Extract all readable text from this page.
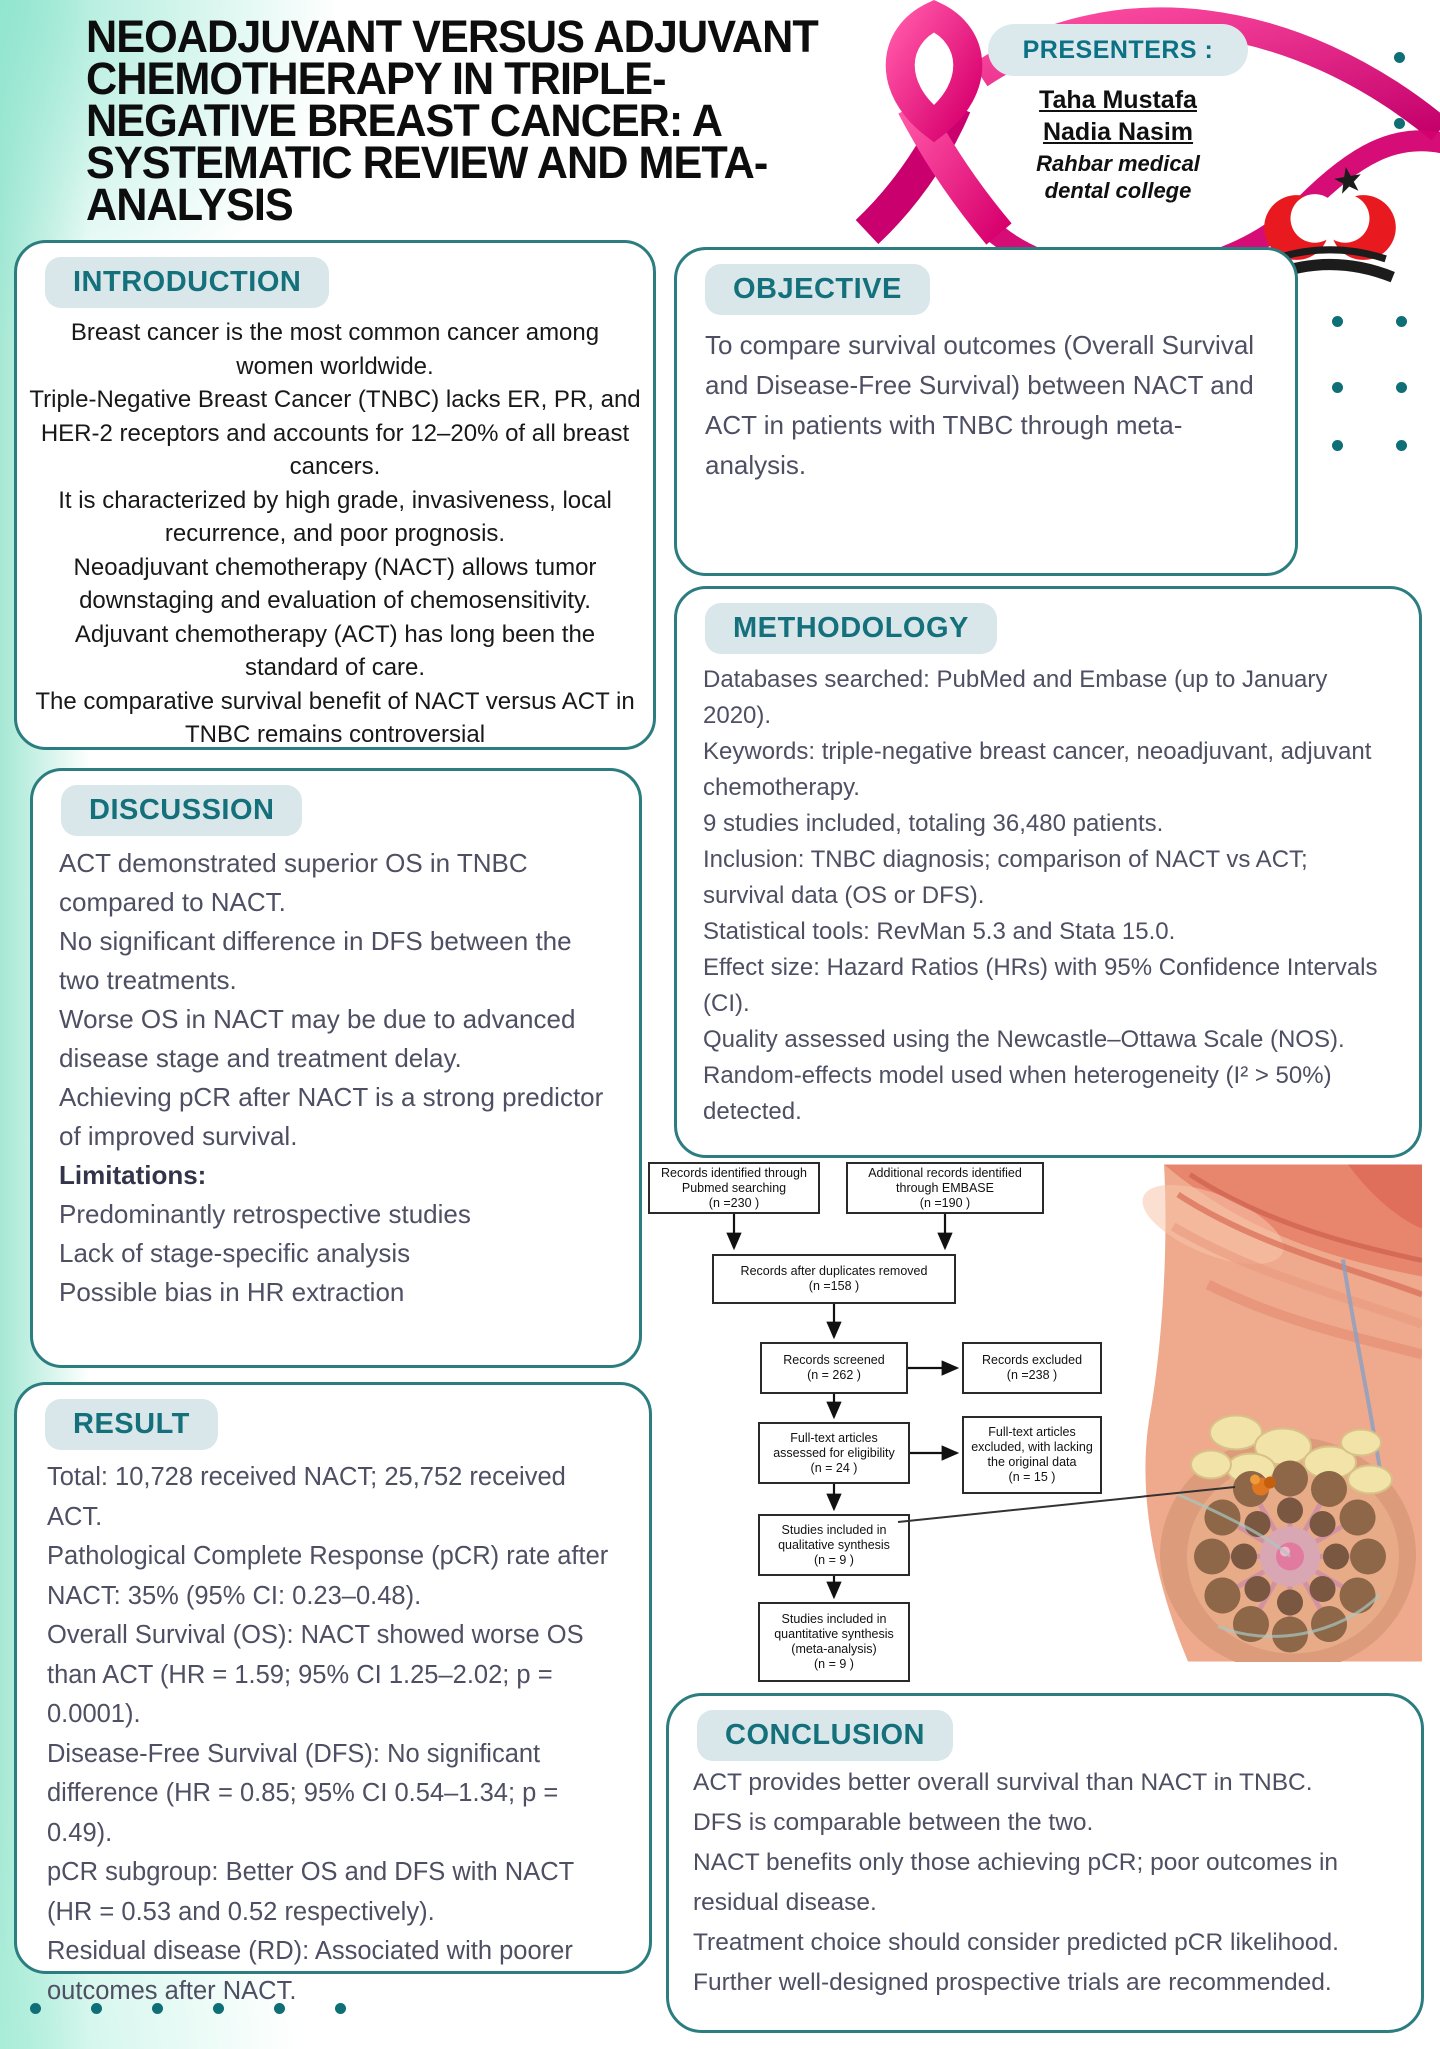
NEOADJUVANT VERSUS ADJUVANT
CHEMOTHERAPY IN TRIPLE-
NEGATIVE BREAST CANCER: A
SYSTEMATIC REVIEW AND META-
ANALYSIS
PRESENTERS :
Taha Mustafa
Nadia Nasim
Rahbar medical
dental college
INTRODUCTION
Breast cancer is the most common cancer among women worldwide.
Triple-Negative Breast Cancer (TNBC) lacks ER, PR, and HER-2 receptors and accounts for 12–20% of all breast cancers.
It is characterized by high grade, invasiveness, local recurrence, and poor prognosis.
Neoadjuvant chemotherapy (NACT) allows tumor downstaging and evaluation of chemosensitivity.
Adjuvant chemotherapy (ACT) has long been the standard of care.
The comparative survival benefit of NACT versus ACT in TNBC remains controversial
OBJECTIVE
To compare survival outcomes (Overall Survival and Disease-Free Survival) between NACT and ACT in patients with TNBC through meta-analysis.
METHODOLOGY
Databases searched: PubMed and Embase (up to January 2020).
Keywords: triple-negative breast cancer, neoadjuvant, adjuvant chemotherapy.
9 studies included, totaling 36,480 patients.
Inclusion: TNBC diagnosis; comparison of NACT vs ACT; survival data (OS or DFS).
Statistical tools: RevMan 5.3 and Stata 15.0.
Effect size: Hazard Ratios (HRs) with 95% Confidence Intervals (CI).
Quality assessed using the Newcastle–Ottawa Scale (NOS).
Random-effects model used when heterogeneity (I² > 50%) detected.
DISCUSSION
ACT demonstrated superior OS in TNBC compared to NACT.
No significant difference in DFS between the two treatments.
Worse OS in NACT may be due to advanced disease stage and treatment delay.
Achieving pCR after NACT is a strong predictor of improved survival.
Limitations:
Predominantly retrospective studies
Lack of stage-specific analysis
Possible bias in HR extraction
RESULT
Total: 10,728 received NACT; 25,752 received ACT.
Pathological Complete Response (pCR) rate after NACT: 35% (95% CI: 0.23–0.48).
Overall Survival (OS): NACT showed worse OS than ACT (HR = 1.59; 95% CI 1.25–2.02; p = 0.0001).
Disease-Free Survival (DFS): No significant difference (HR = 0.85; 95% CI 0.54–1.34; p = 0.49).
pCR subgroup: Better OS and DFS with NACT (HR = 0.53 and 0.52 respectively).
Residual disease (RD): Associated with poorer outcomes after NACT.
CONCLUSION
ACT provides better overall survival than NACT in TNBC.
DFS is comparable between the two.
NACT benefits only those achieving pCR; poor outcomes in residual disease.
Treatment choice should consider predicted pCR likelihood.
Further well-designed prospective trials are recommended.
Records identified through
Pubmed searching
(n =230 )
Additional records identified
through EMBASE
(n =190 )
Records after duplicates removed
(n =158 )
Records screened
(n = 262 )
Records excluded
(n =238 )
Full-text articles
assessed for eligibility
(n = 24 )
Full-text articles
excluded, with lacking
the original data
(n = 15 )
Studies included in
qualitative synthesis
(n = 9 )
Studies included in
quantitative synthesis
(meta-analysis)
(n = 9 )
